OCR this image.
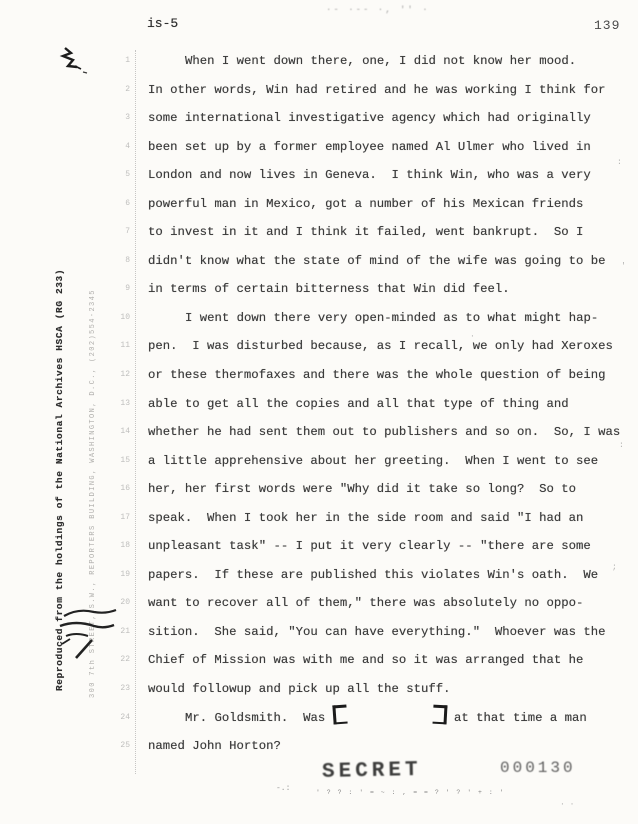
is-5	139
·- ·-- ·, '' ·
Reproduced from the holdings of the National Archives HSCA (RG 233)	300 7th STREET, S.W., REPORTERS BUILDING, WASHINGTON, D.C., (202)554-2345
1
2
3
4
5
6
7
8
9
10
11
12
13
14
15
16
17
18
19
20
21
22
23
24
25
When I went down there, one, I did not know her mood.
In other words, Win had retired and he was working I think for
some international investigative agency which had originally
been set up by a former employee named Al Ulmer who lived in
London and now lives in Geneva.  I think Win, who was a very
powerful man in Mexico, got a number of his Mexican friends
to invest in it and I think it failed, went bankrupt.  So I
didn't know what the state of mind of the wife was going to be
in terms of certain bitterness that Win did feel.
I went down there very open-minded as to what might hap-
pen.  I was disturbed because, as I recall, we only had Xeroxes
or these thermofaxes and there was the whole question of being
able to get all the copies and all that type of thing and
whether he had sent them out to publishers and so on.  So, I was
a little apprehensive about her greeting.  When I went to see
her, her first words were "Why did it take so long?  So to
speak.  When I took her in the side room and said "I had an
unpleasant task" -- I put it very clearly -- "there are some
papers.  If these are published this violates Win's oath.  We
want to recover all of them," there was absolutely no oppo-
sition.  She said, "You can have everything."  Whoever was the
Chief of Mission was with me and so it was arranged that he
would followup and pick up all the stuff.
Mr. Goldsmith.  Was	at that time a man
named John Horton?
SECRET
' ? ? : ' = ~ : , = = ? ' ? ' + : '
000130
-.:
:
'
:
;
·
· ·
